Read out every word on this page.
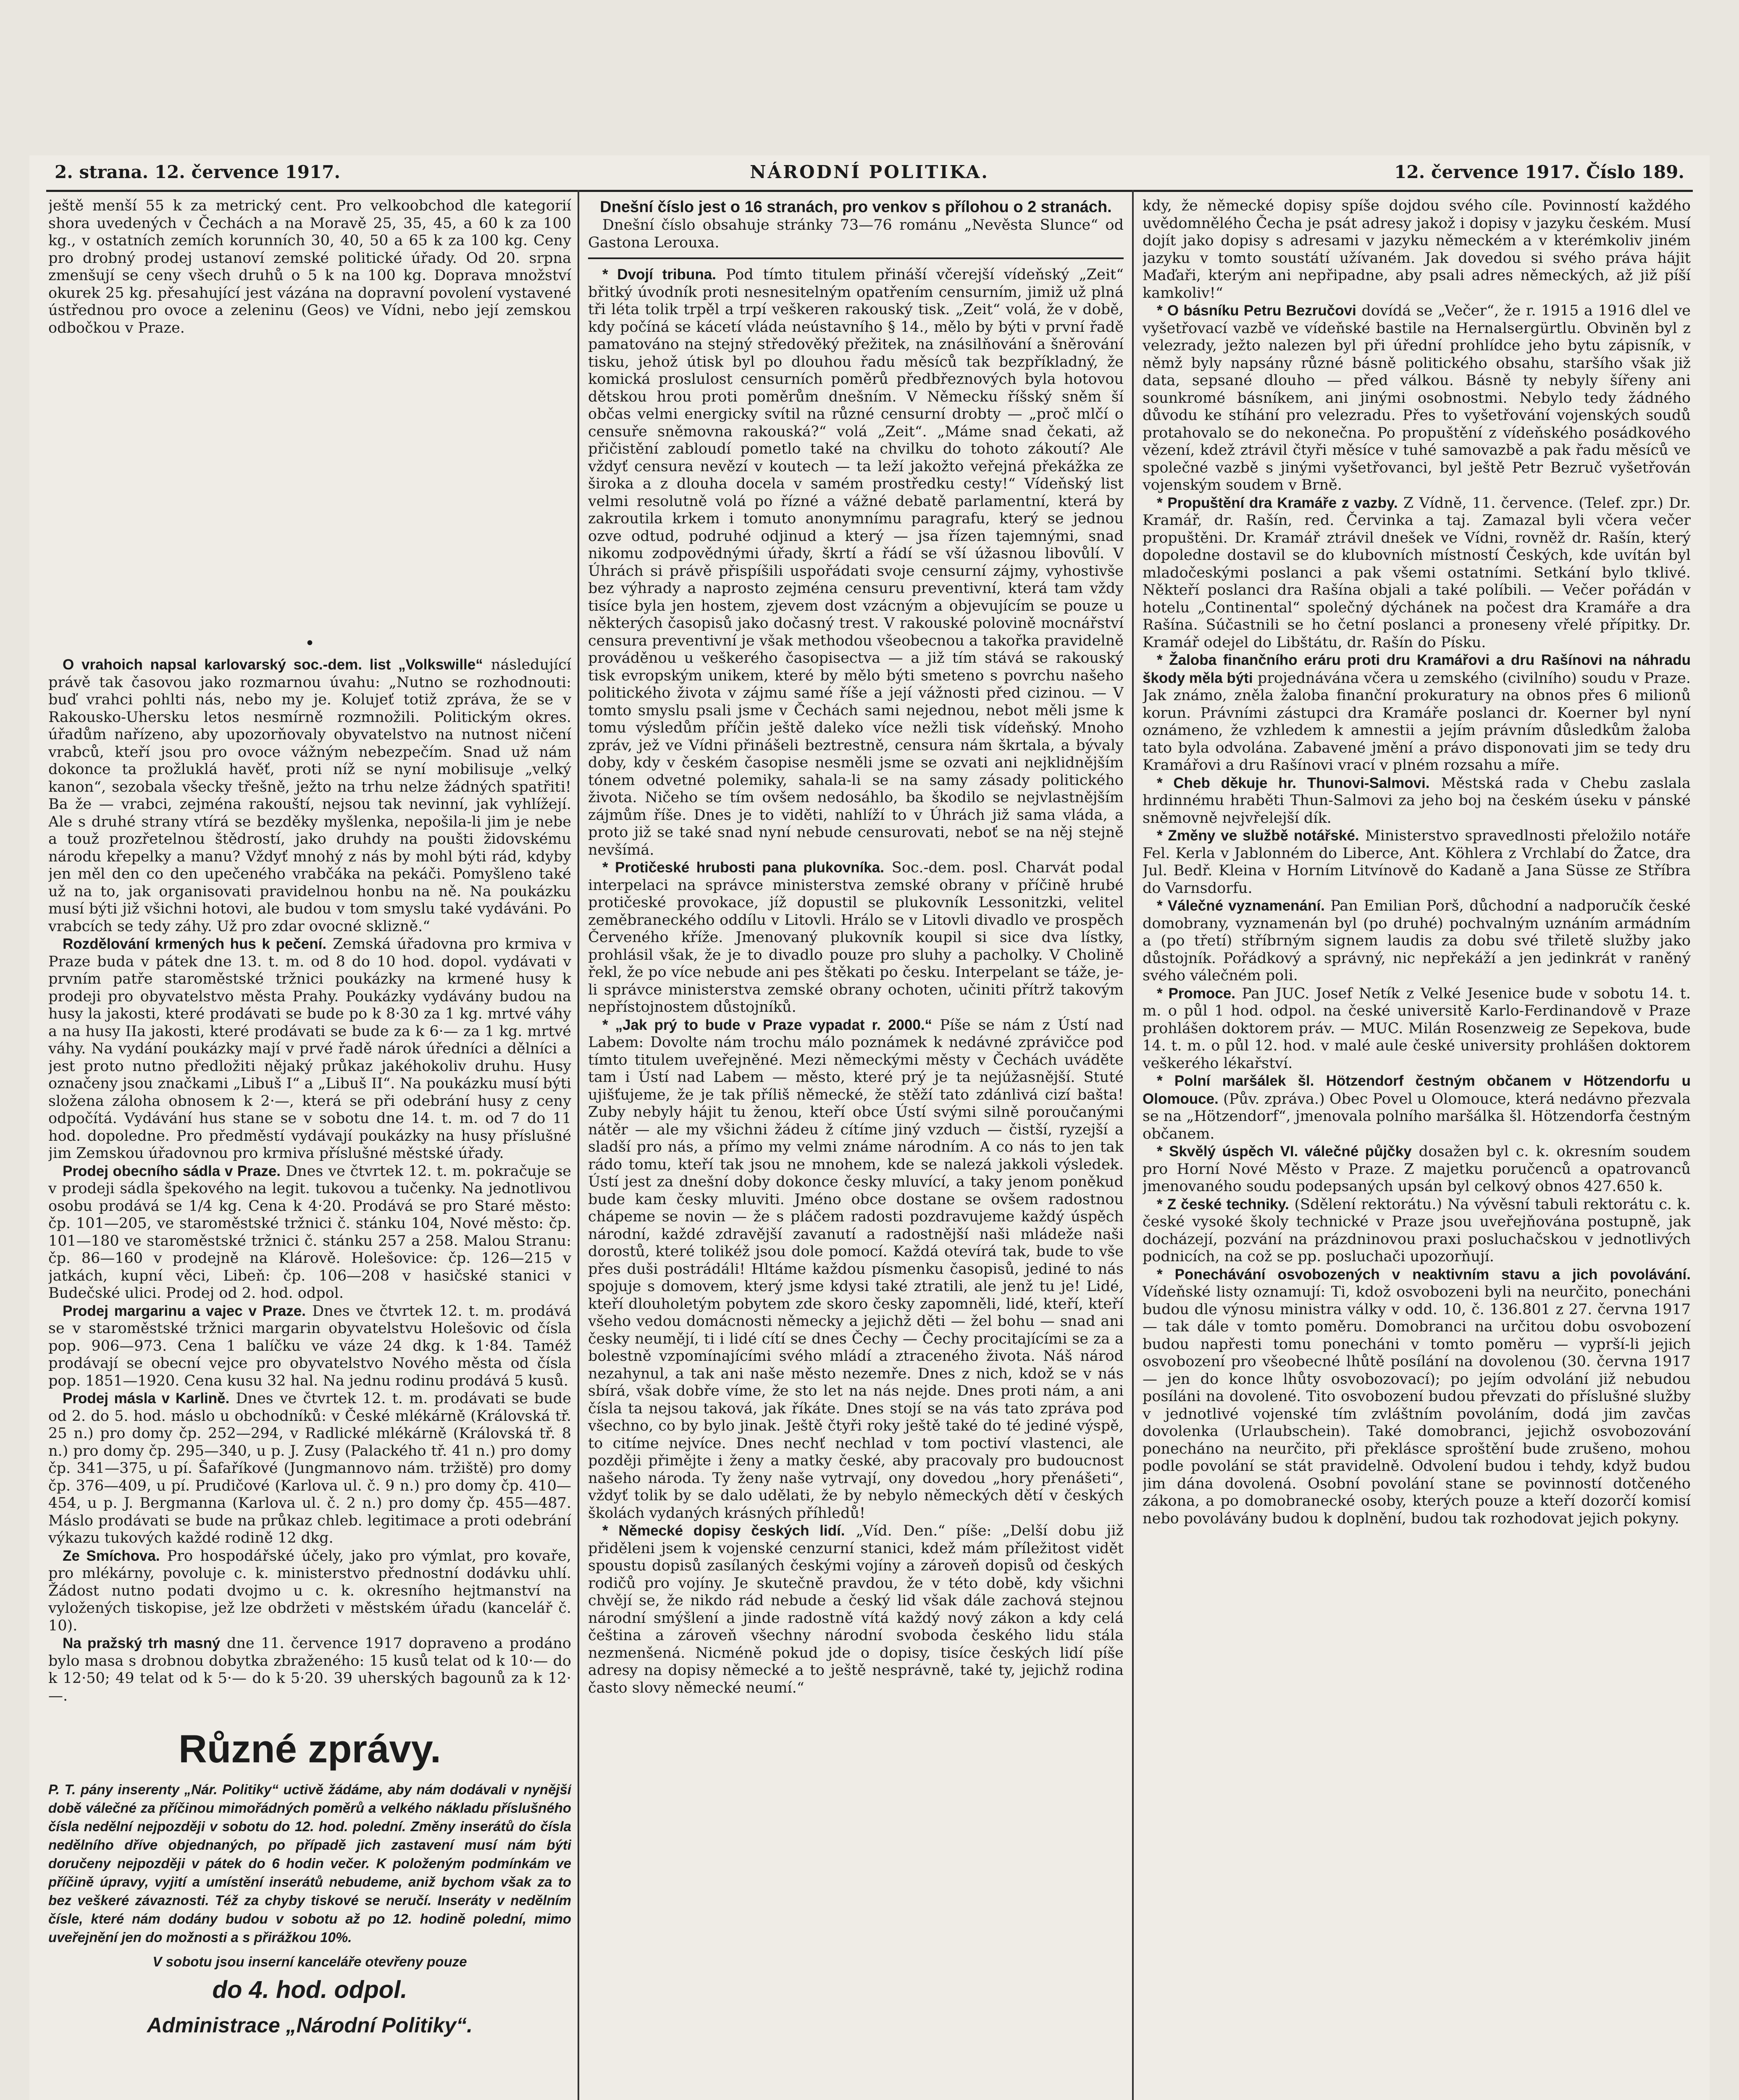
2. strana. 12. července 1917.	NÁRODNÍ POLITIKA.	12. července 1917. Číslo 189.

ještě menší 55 k za metrický cent. Pro velkoobchod dle kategorií shora uvedených v Čechách a na Moravě 25, 35, 45, a 60 k za 100 kg., v ostatních zemích korunních 30, 40, 50 a 65 k za 100 kg. Ceny pro drobný prodej ustanoví zemské politické úřady. Od 20. srpna zmenšují se ceny všech druhů o 5 k na 100 kg. Doprava množství okurek 25 kg. přesahující jest vázána na dopravní povolení vystavené ústřednou pro ovoce a zeleninu (Geos) ve Vídni, nebo její zemskou odbočkou v Praze.

•

O vrahoich napsal karlovarský soc.-dem. list „Volkswille“ následující právě tak časovou jako rozmarnou úvahu: „Nutno se rozhodnouti: buď vrahci pohlti nás, nebo my je. Kolujeť totiž zpráva, že se v Rakousko-Uhersku letos nesmírně rozmnožili. Politickým okres. úřadům nařízeno, aby upozorňovaly obyvatelstvo na nutnost ničení vrabců, kteří jsou pro ovoce vážným nebezpečím. Snad už nám dokonce ta prožluklá havěť, proti níž se nyní mobilisuje „velký kanon“, sezobala všecky třešně, ježto na trhu nelze žádných spatřiti! Ba že — vrabci, zejména rakouští, nejsou tak nevinní, jak vyhlížejí. Ale s druhé strany vtírá se bezděky myšlenka, nepošila-li jim je nebe a touž prozřetelnou štědrostí, jako druhdy na poušti židovskému národu křepelky a manu? Vždyť mnohý z nás by mohl býti rád, kdyby jen měl den co den upečeného vrabčáka na pekáči. Pomyšleno také už na to, jak organisovati pravidelnou honbu na ně. Na poukázku musí býti již všichni hotovi, ale budou v tom smyslu také vydáváni. Po vrabcích se tedy záhy. Už pro zdar ovocné sklizně.“

Rozdělování krmených hus k pečení. Zemská úřadovna pro krmiva v Praze buda v pátek dne 13. t. m. od 8 do 10 hod. dopol. vydávati v prvním patře staroměstské tržnici poukázky na krmené husy k prodeji pro obyvatelstvo města Prahy. Poukázky vydávány budou na husy la jakosti, které prodávati se bude po k 8·30 za 1 kg. mrtvé váhy a na husy IIa jakosti, které prodávati se bude za k 6·— za 1 kg. mrtvé váhy. Na vydání poukázky mají v prvé řadě nárok úředníci a dělníci a jest proto nutno předložiti nějaký průkaz jakéhokoliv druhu. Husy označeny jsou značkami „Libuš I“ a „Libuš II“. Na poukázku musí býti složena záloha obnosem k 2·—, která se při odebrání husy z ceny odpočítá. Vydávání hus stane se v sobotu dne 14. t. m. od 7 do 11 hod. dopoledne. Pro předměstí vydávají poukázky na husy příslušné jim Zemskou úřadovnou pro krmiva příslušné městské úřady.

Prodej obecního sádla v Praze. Dnes ve čtvrtek 12. t. m. pokračuje se v prodeji sádla špekového na legit. tukovou a tučenky. Na jednotlivou osobu prodává se 1/4 kg. Cena k 4·20. Prodává se pro Staré město: čp. 101—205, ve staroměstské tržnici č. stánku 104, Nové město: čp. 101—180 ve staroměstské tržnici č. stánku 257 a 258. Malou Stranu: čp. 86—160 v prodejně na Klárově. Holešovice: čp. 126—215 v jatkách, kupní věci, Libeň: čp. 106—208 v hasičské stanici v Budečské ulici. Prodej od 2. hod. odpol.

Prodej margarinu a vajec v Praze. Dnes ve čtvrtek 12. t. m. prodává se v staroměstské tržnici margarin obyvatelstvu Holešovic od čísla pop. 906—973. Cena 1 balíčku ve váze 24 dkg. k 1·84. Taméž prodávají se obecní vejce pro obyvatelstvo Nového města od čísla pop. 1851—1920. Cena kusu 32 hal. Na jednu rodinu prodává 5 kusů.

Prodej másla v Karlině. Dnes ve čtvrtek 12. t. m. prodávati se bude od 2. do 5. hod. máslo u obchodníků: v České mlékárně (Královská tř. 25 n.) pro domy čp. 252—294, v Radlické mlékárně (Královská tř. 8 n.) pro domy čp. 295—340, u p. J. Zusy (Palackého tř. 41 n.) pro domy čp. 341—375, u pí. Šafaříkové (Jungmannovo nám. tržiště) pro domy čp. 376—409, u pí. Prudičové (Karlova ul. č. 9 n.) pro domy čp. 410—454, u p. J. Bergmanna (Karlova ul. č. 2 n.) pro domy čp. 455—487. Máslo prodávati se bude na průkaz chleb. legitimace a proti odebrání výkazu tukových každé rodině 12 dkg.

Ze Smíchova. Pro hospodářské účely, jako pro výmlat, pro kovaře, pro mlékárny, povoluje c. k. ministerstvo přednostní dodávku uhlí. Žádost nutno podati dvojmo u c. k. okresního hejtmanství na vyložených tiskopise, jež lze obdržeti v městském úřadu (kancelář č. 10).

Na pražský trh masný dne 11. července 1917 dopraveno a prodáno bylo masa s drobnou dobytka zbraženého: 15 kusů telat od k 10·— do k 12·50; 49 telat od k 5·— do k 5·20. 39 uherských bagounů za k 12·—.

Různé zprávy.
P. T. pány inserenty „Nár. Politiky“ uctivě žádáme, aby nám dodávali v nynější době válečné za příčinou mimořádných poměrů a velkého nákladu příslušného čísla nedělní nejpozději v sobotu do 12. hod. polední. Změny inserátů do čísla nedělního dříve objednaných, po případě jich zastavení musí nám býti doručeny nejpozději v pátek do 6 hodin večer. K položeným podmínkám ve příčině úpravy, vyjití a umístění inserátů nebudeme, aniž bychom však za to bez veškeré závaznosti. Též za chyby tiskové se neručí. Inseráty v nedělním čísle, které nám dodány budou v sobotu až po 12. hodině polední, mimo uveřejnění jen do možnosti a s přirážkou 10%.
V sobotu jsou inserní kanceláře otevřeny pouze
do 4. hod. odpol.
Administrace „Národní Politiky“.

Dnešní číslo jest o 16 stranách, pro venkov s přílohou o 2 stranách.

Dnešní číslo obsahuje stránky 73—76 románu „Nevěsta Slunce“ od Gastona Lerouxa.

* Dvojí tribuna. Pod tímto titulem přináší včerejší vídeňský „Zeit“ břitký úvodník proti nesnesitelným opatřením censurním, jimiž už plná tři léta tolik trpěl a trpí veškeren rakouský tisk. „Zeit“ volá, že v době, kdy počíná se kácetí vláda neústavního § 14., mělo by býti v první řadě pamatováno na stejný středověký přežitek, na znásilňování a šněrování tisku, jehož útisk byl po dlouhou řadu měsíců tak bezpříkladný, že komická proslulost censurních poměrů předbřeznových byla hotovou dětskou hrou proti poměrům dnešním. V Německu říšský sněm ší občas velmi energicky svítil na různé censurní drobty — „proč mlčí o censuře sněmovna rakouská?“ volá „Zeit“. „Máme snad čekati, až přičistění zabloudí pometlo také na chvilku do tohoto zákoutí? Ale vždyť censura nevězí v koutech — ta leží jakožto veřejná překážka ze široka a z dlouha docela v samém prostředku cesty!“ Vídeňský list velmi resolutně volá po řízné a vážné debatě parlamentní, která by zakroutila krkem i tomuto anonymnímu paragrafu, který se jednou ozve odtud, podruhé odjinud a který — jsa řízen tajemnými, snad nikomu zodpovědnými úřady, škrtí a řádí se vší úžasnou libovůlí. V Úhrách si právě přispíšili uspořádati svoje censurní zájmy, vyhostivše bez výhrady a naprosto zejména censuru preventivní, která tam vždy tisíce byla jen hostem, zjevem dost vzácným a objevujícím se pouze u některých časopisů jako dočasný trest. V rakouské polovině mocnářství censura preventivní je však methodou všeobecnou a takořka pravidelně prováděnou u veškerého časopisectva — a již tím stává se rakouský tisk evropským unikem, které by mělo býti smeteno s povrchu našeho politického života v zájmu samé říše a její vážnosti před cizinou. — V tomto smyslu psali jsme v Čechách sami nejednou, nebot měli jsme k tomu výsledům příčin ještě daleko více nežli tisk vídeňský. Mnoho zpráv, jež ve Vídni přinášeli beztrestně, censura nám škrtala, a bývaly doby, kdy v českém časopise nesměli jsme se ozvati ani nejklidnějším tónem odvetné polemiky, sahala-li se na samy zásady politického života. Ničeho se tím ovšem nedosáhlo, ba škodilo se nejvlastnějším zájmům říše. Dnes je to viděti, nahlíží to v Úhrách již sama vláda, a proto již se také snad nyní nebude censurovati, neboť se na něj stejně nevšímá.

* Protičeské hrubosti pana plukovníka. Soc.-dem. posl. Charvát podal interpelaci na správce ministerstva zemské obrany v příčině hrubé protičeské provokace, jíž dopustil se plukovník Lessonitzki, velitel zeměbraneckého oddílu v Litovli. Hrálo se v Litovli divadlo ve prospěch Červeného kříže. Jmenovaný plukovník koupil si sice dva lístky, prohlásil však, že je to divadlo pouze pro sluhy a pacholky. V Cholině řekl, že po více nebude ani pes štěkati po česku. Interpelant se táže, je-li správce ministerstva zemské obrany ochoten, učiniti přítrž takovým nepřístojnostem důstojníků.

* „Jak prý to bude v Praze vypadat r. 2000.“ Píše se nám z Ústí nad Labem: Dovolte nám trochu málo poznámek k nedávné zprávičce pod tímto titulem uveřejněné. Mezi německými městy v Čechách uváděte tam i Ústí nad Labem — město, které prý je ta nejúžasnější. Stuté ujišťujeme, že je tak příliš německé, že stěží tato zdánlivá cizí bašta! Zuby nebyly hájit tu ženou, kteří obce Ústí svými silně poroučanými nátěr — ale my všichni žádeu ž cítíme jiný vzduch — čistší, ryzejší a sladší pro nás, a přímo my velmi známe národním. A co nás to jen tak rádo tomu, kteří tak jsou ne mnohem, kde se nalezá jakkoli výsledek. Ústí jest za dnešní doby dokonce česky mluvící, a taky jenom poněkud bude kam česky mluviti. Jméno obce dostane se ovšem radostnou chápeme se novin — že s pláčem radosti pozdravujeme každý úspěch národní, každé zdravější zavanutí a radostnější naši mládeže naši dorostů, které tolikéž jsou dole pomocí. Každá otevírá tak, bude to vše přes duši postrádáli! Hltáme každou písmenku časopisů, jediné to nás spojuje s domovem, který jsme kdysi také ztratili, ale jenž tu je! Lidé, kteří dlouholetým pobytem zde skoro česky zapomněli, lidé, kteří, kteří všeho vedou domácnosti německy a jejichž děti — žel bohu — snad ani česky neumějí, ti i lidé cítí se dnes Čechy — Čechy procitajícími se za a bolestně vzpomínajícími svého mládí a ztraceného života. Náš národ nezahynul, a tak ani naše město nezemře. Dnes z nich, kdož se v nás sbírá, však dobře víme, že sto let na nás nejde. Dnes proti nám, a ani čísla ta nejsou taková, jak říkáte. Dnes stojí se na vás tato zpráva pod všechno, co by bylo jinak. Ještě čtyři roky ještě také do té jediné výspě, to citíme nejvíce. Dnes nechť nechlad v tom poctiví vlastenci, ale později přimějte i ženy a matky české, aby pracovaly pro budoucnost našeho národa. Ty ženy naše vytrvají, ony dovedou „hory přenášeti“, vždyť tolik by se dalo udělati, že by nebylo německých dětí v českých školách vydaných krásných příhledů!

* Německé dopisy českých lidí. „Víd. Den.“ píše: „Delší dobu již přiděleni jsem k vojenské cenzurní stanici, kdež mám příležitost vidět spoustu dopisů zasílaných českými vojíny a zároveň dopisů od českých rodičů pro vojíny. Je skutečně pravdou, že v této době, kdy všichni chvějí se, že nikdo rád nebude a český lid však dále zachová stejnou národní smýšlení a jinde radostně vítá každý nový zákon a kdy celá čeština a zároveň všechny národní svoboda českého lidu stála nezmenšená. Nicméně pokud jde o dopisy, tisíce českých lidí píše adresy na dopisy německé a to ještě nesprávně, také ty, jejichž rodina často slovy německé neumí.“

kdy, že německé dopisy spíše dojdou svého cíle. Povinností každého uvědomnělého Čecha je psát adresy jakož i dopisy v jazyku českém. Musí dojít jako dopisy s adresami v jazyku německém a v kterémkoliv jiném jazyku v tomto soustátí užívaném. Jak dovedou si svého práva hájit Maďaři, kterým ani nepřipadne, aby psali adres německých, až již píší kamkoliv!“

* O básníku Petru Bezručovi dovídá se „Večer“, že r. 1915 a 1916 dlel ve vyšetřovací vazbě ve vídeňské bastile na Hernalsergürtlu. Obviněn byl z velezrady, ježto nalezen byl při úřední prohlídce jeho bytu zápisník, v němž byly napsány různé básně politického obsahu, staršího však již data, sepsané dlouho — před válkou. Básně ty nebyly šířeny ani sounkromé básníkem, ani jinými osobnostmi. Nebylo tedy žádného důvodu ke stíhání pro velezradu. Přes to vyšetřování vojenských soudů protahovalo se do nekonečna. Po propuštění z vídeňského posádkového vězení, kdež ztrávil čtyři měsíce v tuhé samovazbě a pak řadu měsíců ve společné vazbě s jinými vyšetřovanci, byl ještě Petr Bezruč vyšetřován vojenským soudem v Brně.

* Propuštění dra Kramáře z vazby. Z Vídně, 11. července. (Telef. zpr.) Dr. Kramář, dr. Rašín, red. Červinka a taj. Zamazal byli včera večer propuštěni. Dr. Kramář ztrávil dnešek ve Vídni, rovněž dr. Rašín, který dopoledne dostavil se do klubovních místností Českých, kde uvítán byl mladočeskými poslanci a pak všemi ostatními. Setkání bylo tklivé. Někteří poslanci dra Rašína objali a také políbili. — Večer pořádán v hotelu „Continental“ společný dýchánek na počest dra Kramáře a dra Rašína. Súčastnili se ho četní poslanci a proneseny vřelé přípitky. Dr. Kramář odejel do Libštátu, dr. Rašín do Písku.

* Žaloba finančního eráru proti dru Kramářovi a dru Rašínovi na náhradu škody měla býti projednávána včera u zemského (civilního) soudu v Praze. Jak známo, zněla žaloba finanční prokuratury na obnos přes 6 milionů korun. Právními zástupci dra Kramáře poslanci dr. Koerner byl nyní oznámeno, že vzhledem k amnestii a jejím právním důsledkům žaloba tato byla odvolána. Zabavené jmění a právo disponovati jim se tedy dru Kramářovi a dru Rašínovi vrací v plném rozsahu a míře.

* Cheb děkuje hr. Thunovi-Salmovi. Městská rada v Chebu zaslala hrdinnému hraběti Thun-Salmovi za jeho boj na českém úseku v pánské sněmovně nejvřelejší dík.

* Změny ve službě notářské. Ministerstvo spravedlnosti přeložilo notáře Fel. Kerla v Jablonném do Liberce, Ant. Köhlera z Vrchlabí do Žatce, dra Jul. Bedř. Kleina v Horním Litvínově do Kadaně a Jana Süsse ze Stříbra do Varnsdorfu.

* Válečné vyznamenání. Pan Emilian Porš, důchodní a nadporučík české domobrany, vyznamenán byl (po druhé) pochvalným uznáním armádním a (po třetí) stříbrným signem laudis za dobu své třiletě služby jako důstojník. Pořádkový a správný, nic nepřekáží a jen jedinkrát v raněný svého válečném poli.

* Promoce. Pan JUC. Josef Netík z Velké Jesenice bude v sobotu 14. t. m. o půl 1 hod. odpol. na české universitě Karlo-Ferdinandově v Praze prohlášen doktorem práv. — MUC. Milán Rosenzweig ze Sepekova, bude 14. t. m. o půl 12. hod. v malé aule české university prohlášen doktorem veškerého lékařství.

* Polní maršálek šl. Hötzendorf čestným občanem v Hötzendorfu u Olomouce. (Pův. zpráva.) Obec Povel u Olomouce, která nedávno přezvala se na „Hötzendorf“, jmenovala polního maršálka šl. Hötzendorfa čestným občanem.

* Skvělý úspěch VI. válečné půjčky dosažen byl c. k. okresním soudem pro Horní Nové Město v Praze. Z majetku poručenců a opatrovanců jmenovaného soudu podepsaných upsán byl celkový obnos 427.650 k.

* Z české techniky. (Sdělení rektorátu.) Na vývěsní tabuli rektorátu c. k. české vysoké školy technické v Praze jsou uveřejňována postupně, jak docházejí, pozvání na prázdninovou praxi posluchačskou v jednotlivých podnicích, na což se pp. posluchači upozorňují.

* Ponechávání osvobozených v neaktivním stavu a jich povolávání. Vídeňské listy oznamují: Ti, kdož osvobozeni byli na neurčito, ponecháni budou dle výnosu ministra války v odd. 10, č. 136.801 z 27. června 1917 — tak dále v tomto poměru. Domobranci na určitou dobu osvobození budou napřesti tomu ponecháni v tomto poměru — vyprší-li jejich osvobození pro všeobecné lhůtě posílání na dovolenou (30. června 1917 — jen do konce lhůty osvobozovací); po jejím odvolání již nebudou posíláni na dovolené. Tito osvobození budou převzati do příslušné služby v jednotlivé vojenské tím zvláštním povoláním, dodá jim zavčas dovolenka (Urlaubschein). Také domobranci, jejichž osvobozování ponecháno na neurčito, při překlásce sproštění bude zrušeno, mohou podle povolání se stát pravidelně. Odvolení budou i tehdy, když budou jim dána dovolená. Osobní povolání stane se povinností dotčeného zákona, a po domobranecké osoby, kterých pouze a kteří dozorčí komisí nebo povolávány budou k doplnění, budou tak rozhodovat jejich pokyny.
